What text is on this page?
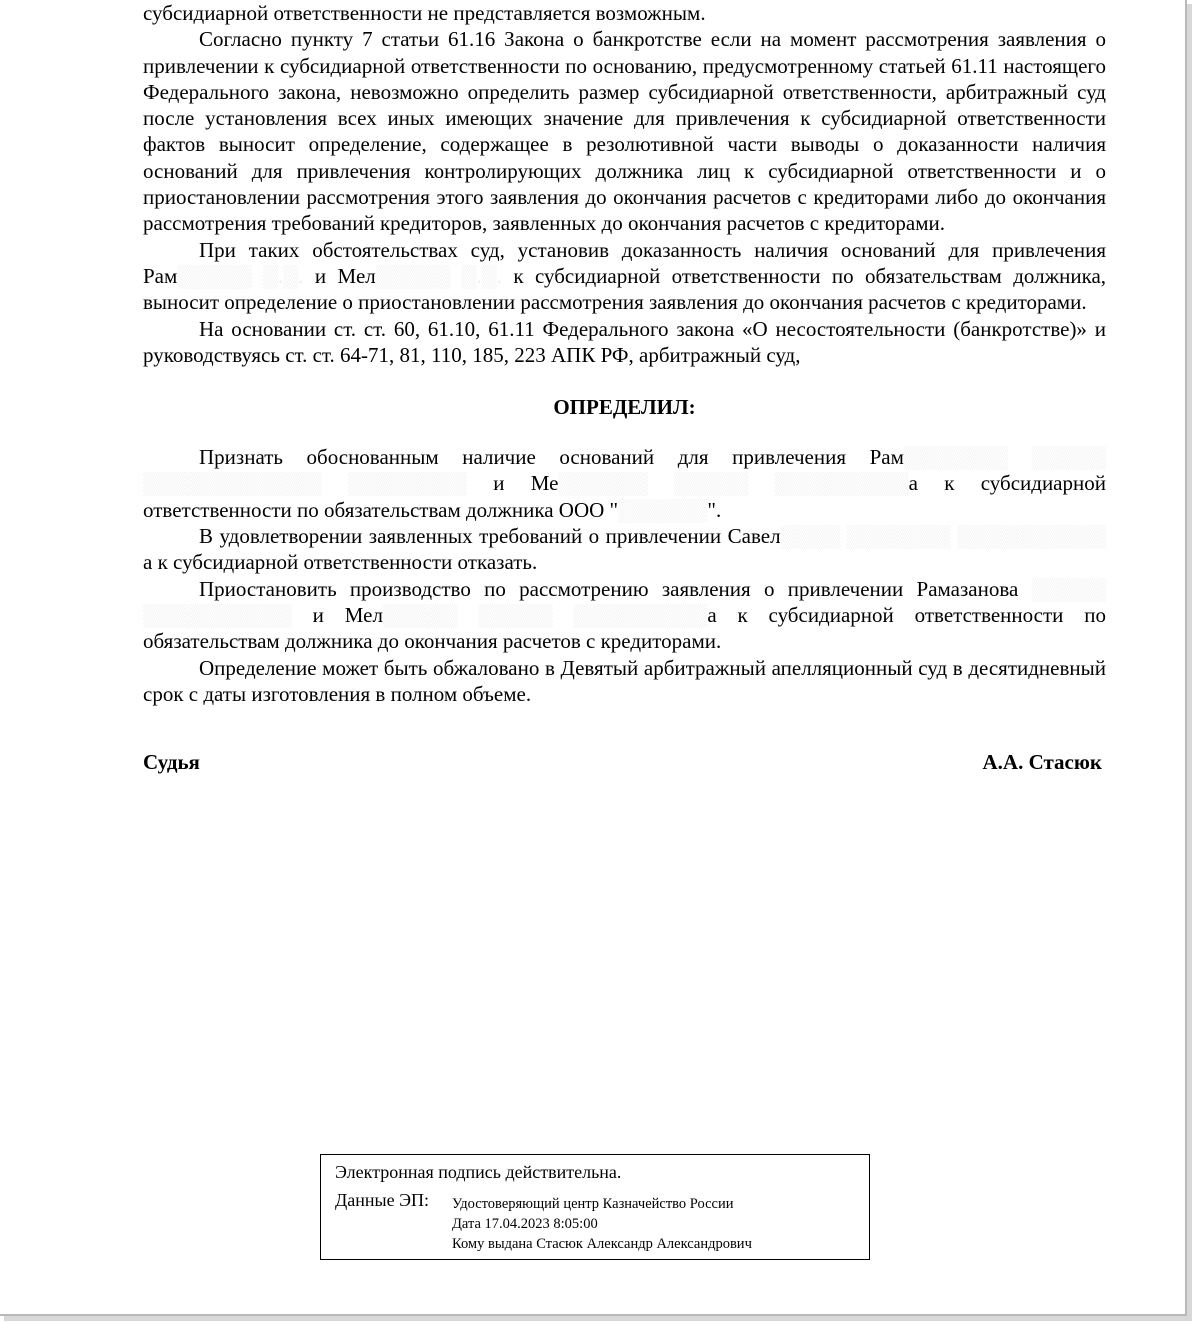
субсидиарной ответственности не представляется возможным.

Согласно пункту 7 статьи 61.16 Закона о банкротстве если на момент рассмотрения заявления о привлечении к субсидиарной ответственности по основанию, предусмотренному статьей 61.11 настоящего Федерального закона, невозможно определить размер субсидиарной ответственности, арбитражный суд после установления всех иных имеющих значение для привлечения к субсидиарной ответственности фактов выносит определение, содержащее в резолютивной части выводы о доказанности наличия оснований для привлечения контролирующих должника лиц к субсидиарной ответственности и о приостановлении рассмотрения этого заявления до окончания расчетов с кредиторами либо до окончания рассмотрения требований кредиторов, заявленных до окончания расчетов с кредиторами.

При таких обстоятельствах суд, установив доказанность наличия оснований для привлечения Рам▒▒▒▒▒ ▒.▒. и Мел▒▒▒▒▒ ▒.▒. к субсидиарной ответственности по обязательствам должника, выносит определение о приостановлении рассмотрения заявления до окончания расчетов с кредиторами.

На основании ст. ст. 60, 61.10, 61.11 Федерального закона «О несостоятельности (банкротстве)» и руководствуясь ст. ст. 64-71, 81, 110, 185, 223 АПК РФ, арбитражный суд,

ОПРЕДЕЛИЛ:

Признать обоснованным наличие оснований для привлечения Рам▒▒▒▒▒▒▒ ▒▒▒▒▒ ▒▒▒▒▒▒▒▒▒▒▒▒ ▒▒▒▒▒▒▒▒ и Ме▒▒▒▒▒▒ ▒▒▒▒▒ ▒▒▒▒▒▒▒▒▒а к субсидиарной ответственности по обязательствам должника ООО "▒▒▒▒▒▒".

В удовлетворении заявленных требований о привлечении Савел▒▒▒▒ ▒▒▒▒▒▒▒ ▒▒▒▒▒▒▒▒▒▒ а к субсидиарной ответственности отказать.

Приостановить производство по рассмотрению заявления о привлечении Рамазанова ▒▒▒▒▒ ▒▒▒▒▒▒▒▒▒▒ и Мел▒▒▒▒▒ ▒▒▒▒▒ ▒▒▒▒▒▒▒▒▒а к субсидиарной ответственности по обязательствам должника до окончания расчетов с кредиторами.

Определение может быть обжаловано в Девятый арбитражный апелляционный суд в десятидневный срок с даты изготовления в полном объеме.

Судья	А.А. Стасюк
Электронная подпись действительна.
Данные ЭП: Удостоверяющий центр Казначейство России
Дата 17.04.2023 8:05:00
Кому выдана Стасюк Александр Александрович
